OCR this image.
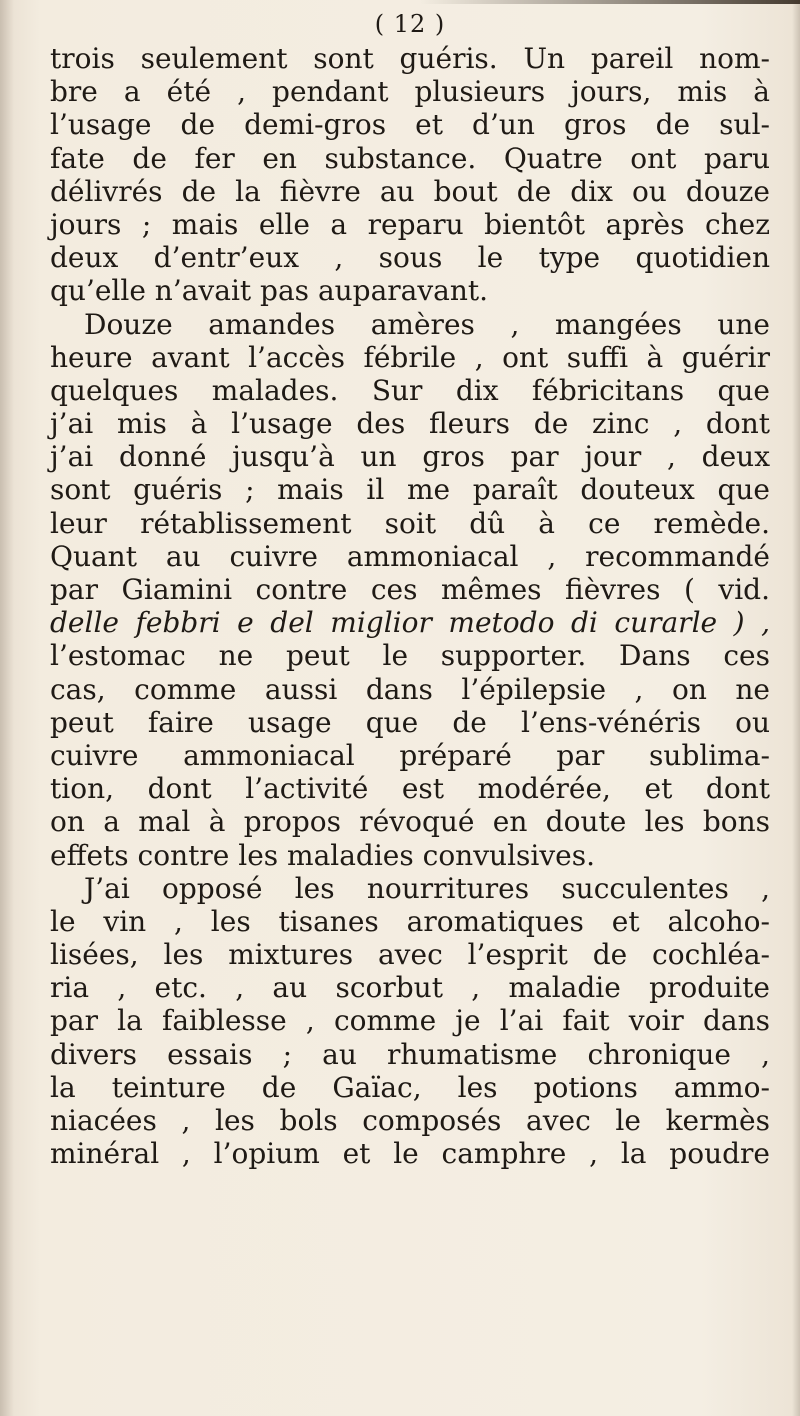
( 12 )
trois seulement sont guéris. Un pareil nom-
bre a été , pendant plusieurs jours, mis à
l’usage de demi-gros et d’un gros de sul-
fate de fer en substance. Quatre ont paru
délivrés de la fièvre au bout de dix ou douze
jours ; mais elle a reparu bientôt après chez
deux d’entr’eux , sous le type quotidien
qu’elle n’avait pas auparavant.
Douze amandes amères , mangées une
heure avant l’accès fébrile , ont suffi à guérir
quelques malades. Sur dix fébricitans que
j’ai mis à l’usage des fleurs de zinc , dont
j’ai donné jusqu’à un gros par jour , deux
sont guéris ; mais il me paraît douteux que
leur rétablissement soit dû à ce remède.
Quant au cuivre ammoniacal , recommandé
par Giamini contre ces mêmes fièvres ( vid.
delle febbri e del miglior metodo di curarle ) ,
l’estomac ne peut le supporter. Dans ces
cas, comme aussi dans l’épilepsie , on ne
peut faire usage que de l’ens-vénéris ou
cuivre ammoniacal préparé par sublima-
tion, dont l’activité est modérée, et dont
on a mal à propos révoqué en doute les bons
effets contre les maladies convulsives.
J’ai opposé les nourritures succulentes ,
le vin , les tisanes aromatiques et alcoho-
lisées, les mixtures avec l’esprit de cochléa-
ria , etc. , au scorbut , maladie produite
par la faiblesse , comme je l’ai fait voir dans
divers essais ; au rhumatisme chronique ,
la teinture de Gaïac, les potions ammo-
niacées , les bols composés avec le kermès
minéral , l’opium et le camphre , la poudre
